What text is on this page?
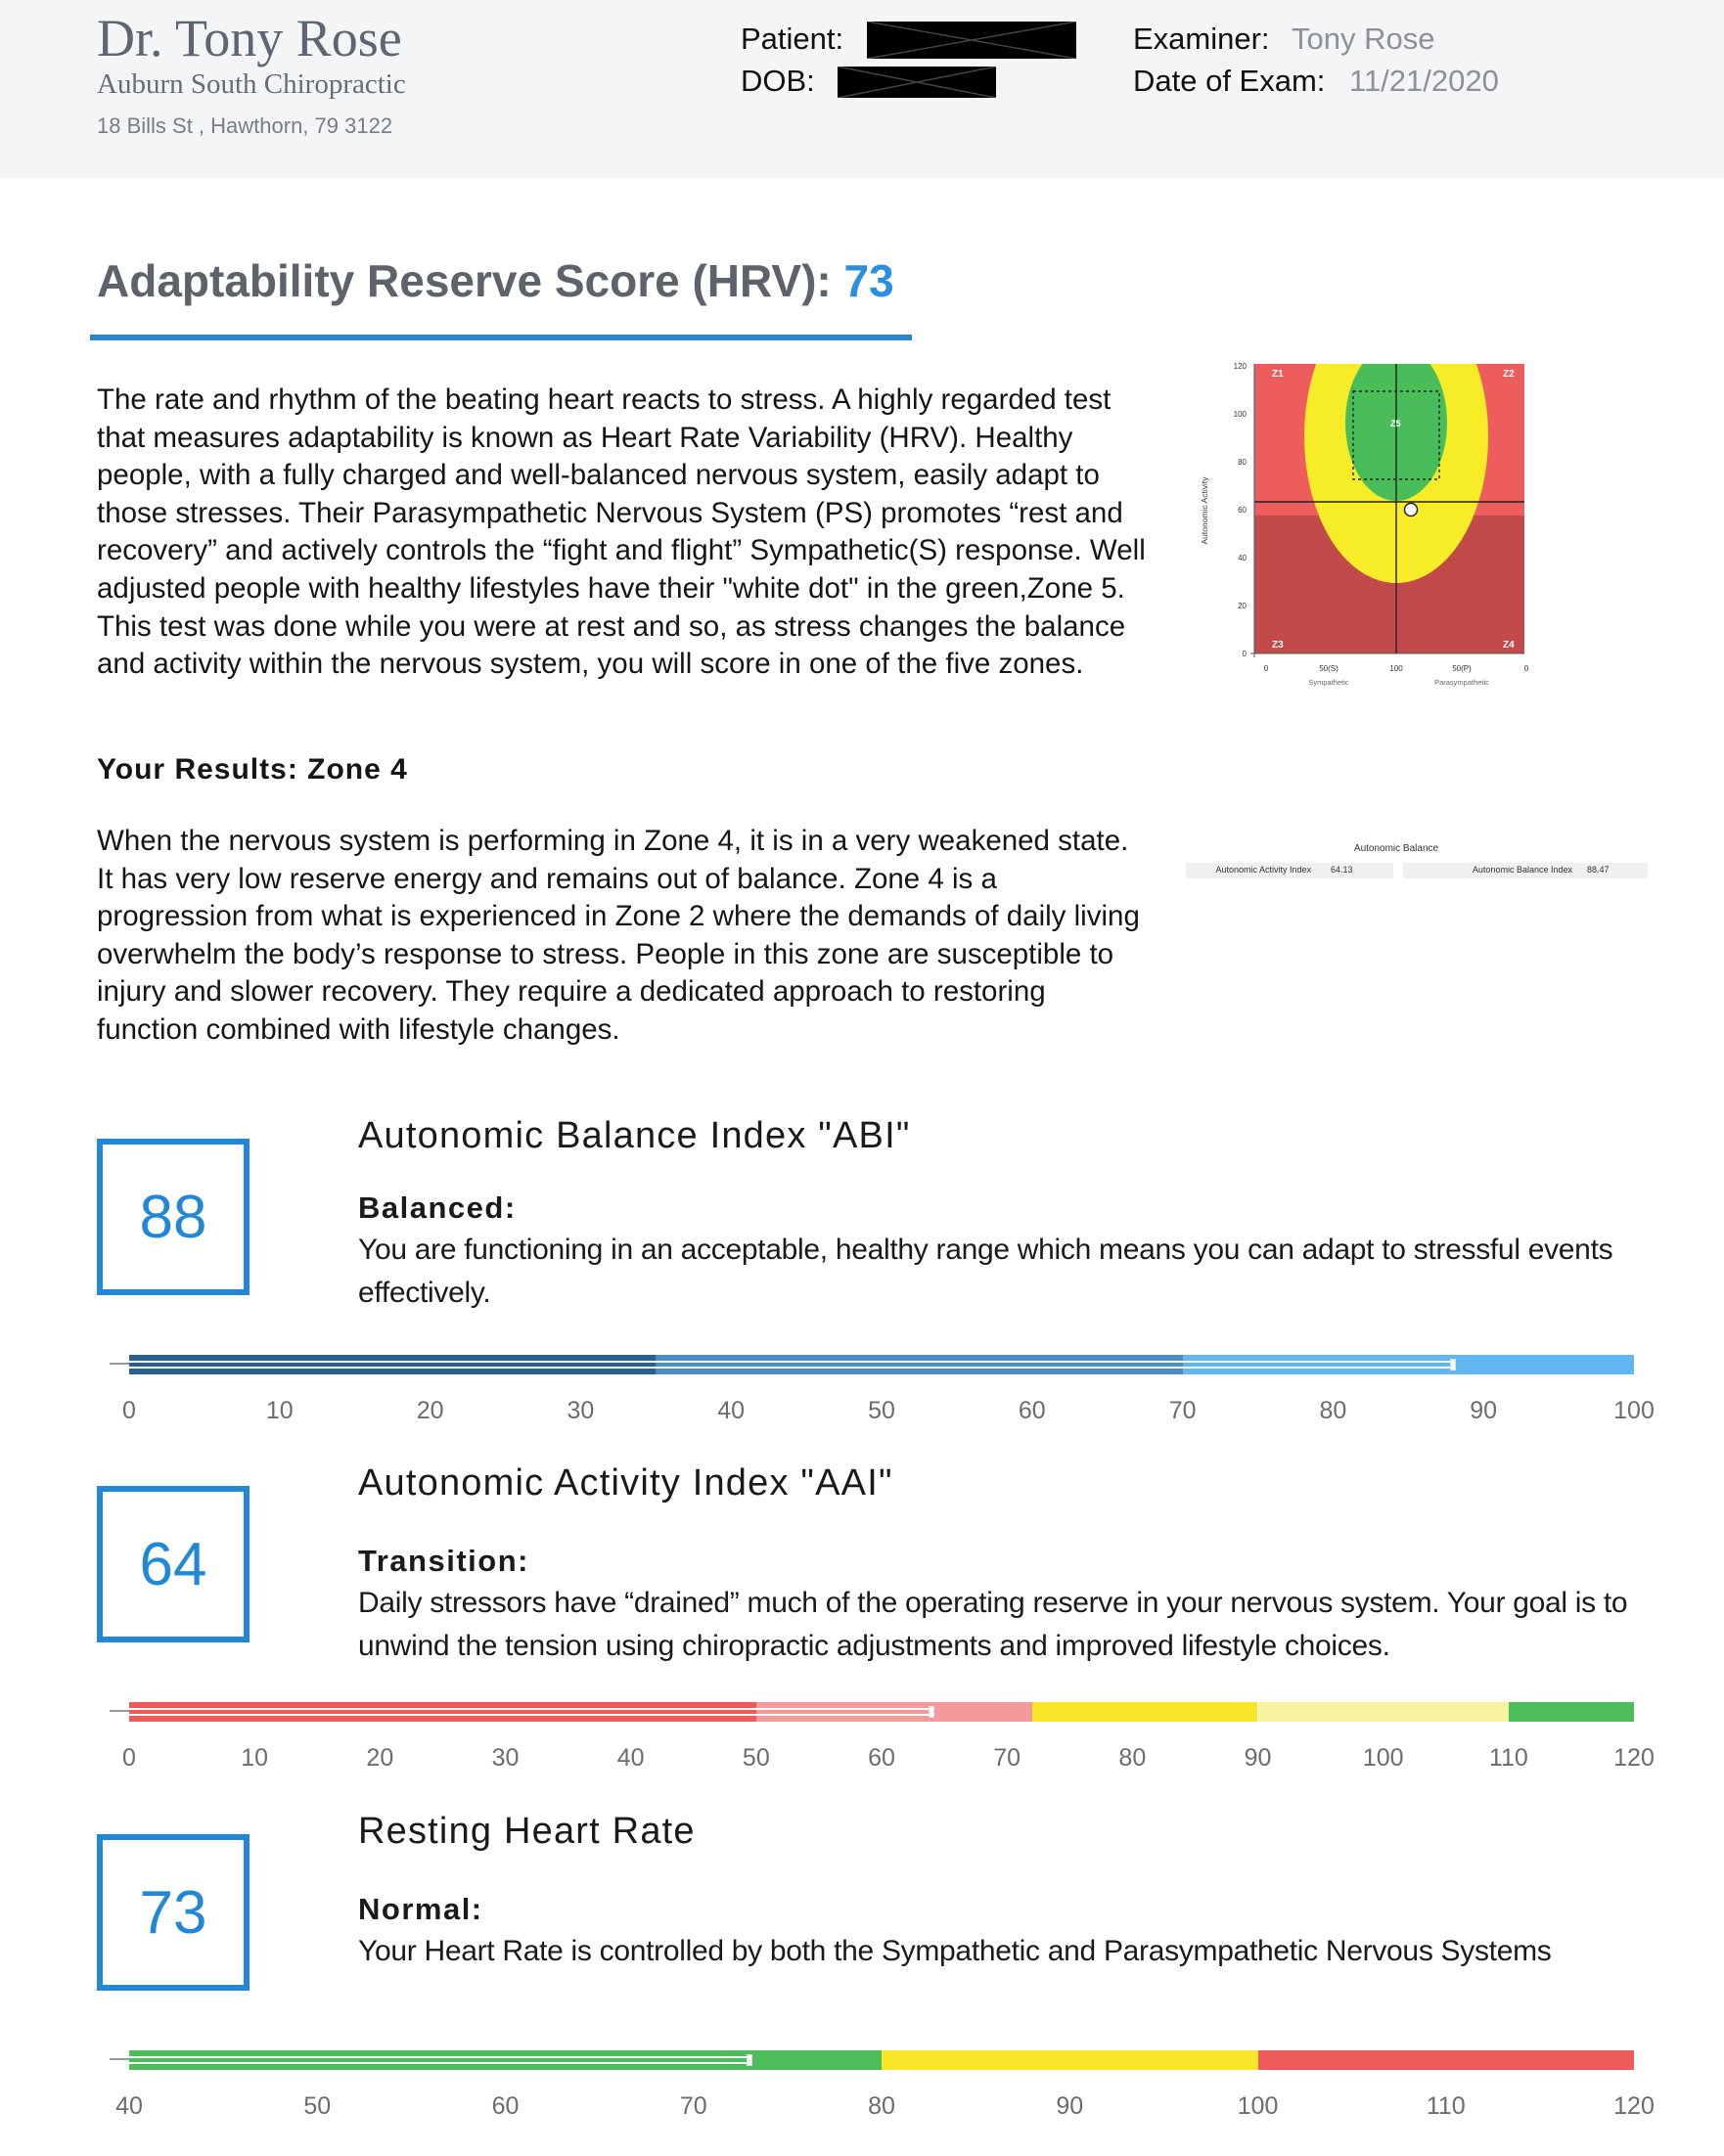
Dr. Tony Rose
Auburn South Chiropractic
18 Bills St , Hawthorn, 79 3122
Patient:
DOB:
Examiner: Tony Rose
Date of Exam: 11/21/2020
Adaptability Reserve Score (HRV): 73
The rate and rhythm of the beating heart reacts to stress. A highly regarded test that measures adaptability is known as Heart Rate Variability (HRV). Healthy people, with a fully charged and well-balanced nervous system, easily adapt to those stresses. Their Parasympathetic Nervous System (PS) promotes “rest and recovery” and actively controls the “fight and flight” Sympathetic(S) response. Well adjusted people with healthy lifestyles have their "white dot" in the green,Zone 5. This test was done while you were at rest and so, as stress changes the balance and activity within the nervous system, you will score in one of the five zones.
Your Results: Zone 4
When the nervous system is performing in Zone 4, it is in a very weakened state. It has very low reserve energy and remains out of balance. Zone 4 is a progression from what is experienced in Zone 2 where the demands of daily living overwhelm the body’s response to stress. People in this zone are susceptible to injury and slower recovery. They require a dedicated approach to restoring function combined with lifestyle changes.
Z1	Z2
Z3	Z4
Z5
0
20
40
60
80
100
120
0	50(S)	100	50(P)	0
Sympathetic	Parasympathetic
Autonomic Activity
Autonomic Balance
Autonomic Activity Index 64.13	Autonomic Balance Index 88.47
88
Autonomic Balance Index "ABI"
Balanced:
You are functioning in an acceptable, healthy range which means you can adapt to stressful events effectively.
64
Autonomic Activity Index "AAI"
Transition:
Daily stressors have “drained” much of the operating reserve in your nervous system. Your goal is to unwind the tension using chiropractic adjustments and improved lifestyle choices.
73
Resting Heart Rate
Normal:
Your Heart Rate is controlled by both the Sympathetic and Parasympathetic Nervous Systems
0	10	20	30	40	50	60	70	80	90	100
0	10	20	30	40	50	60	70	80	90	100	110	120
40	50	60	70	80	90	100	110	120
